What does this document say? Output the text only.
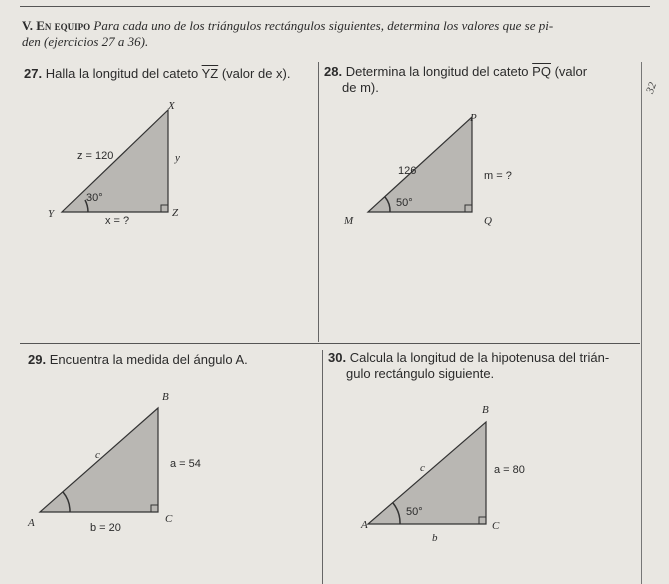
V. En equipo Para cada uno de los triángulos rectángulos siguientes, determina los valores que se pi-
den (ejercicios 27 a 36).
27. Halla la longitud del cateto $\overline{YZ}$ (valor de x).
X
Y	Z
z = 120	y
30°
x = ?
28. Determina la longitud del cateto $\overline{PQ}$ (valor
de m).
P
M	Q
126	m = ?
50°
32
29. Encuentra la medida del ángulo A.
B
A	C
c
a = 54
b = 20
30. Calcula la longitud de la hipotenusa del trián-
gulo rectángulo siguiente.
B
A	C
c	a = 80
50°
b
